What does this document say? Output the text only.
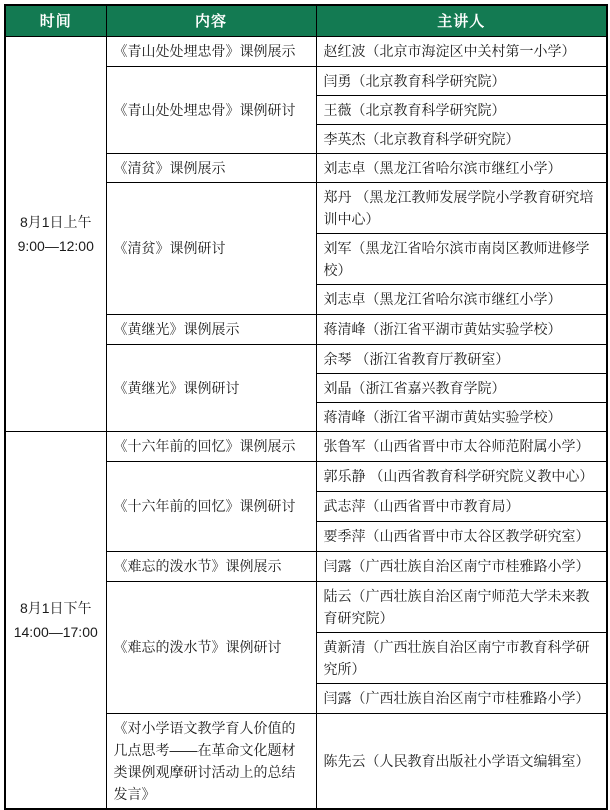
时间	内容	主讲人

8月1日上午
9:00—12:00	《青山处处埋忠骨》课例展示	赵红波（北京市海淀区中关村第一小学）
	《青山处处埋忠骨》课例研讨	闫勇（北京教育科学研究院）
		王薇（北京教育科学研究院）
		李英杰（北京教育科学研究院）
	《清贫》课例展示	刘志卓（黑龙江省哈尔滨市继红小学）
	《清贫》课例研讨	郑丹 （黑龙江教师发展学院小学教育研究培训中心）
		刘军（黑龙江省哈尔滨市南岗区教师进修学校）
		刘志卓（黑龙江省哈尔滨市继红小学）
	《黄继光》课例展示	蒋清峰（浙江省平湖市黄姑实验学校）
	《黄继光》课例研讨	余琴 （浙江省教育厅教研室）
		刘晶（浙江省嘉兴教育学院）
		蒋清峰（浙江省平湖市黄姑实验学校）

8月1日下午
14:00—17:00	《十六年前的回忆》课例展示	张鲁军（山西省晋中市太谷师范附属小学）
	《十六年前的回忆》课例研讨	郭乐静 （山西省教育科学研究院义教中心）
		武志萍（山西省晋中市教育局）
		要季萍（山西省晋中市太谷区教学研究室）
	《难忘的泼水节》课例展示	闫露（广西壮族自治区南宁市桂雅路小学）
	《难忘的泼水节》课例研讨	陆云（广西壮族自治区南宁师范大学未来教育研究院）
		黄新清（广西壮族自治区南宁市教育科学研究所）
		闫露（广西壮族自治区南宁市桂雅路小学）
	《对小学语文教学育人价值的几点思考——在革命文化题材类课例观摩研讨活动上的总结发言》	陈先云（人民教育出版社小学语文编辑室）
